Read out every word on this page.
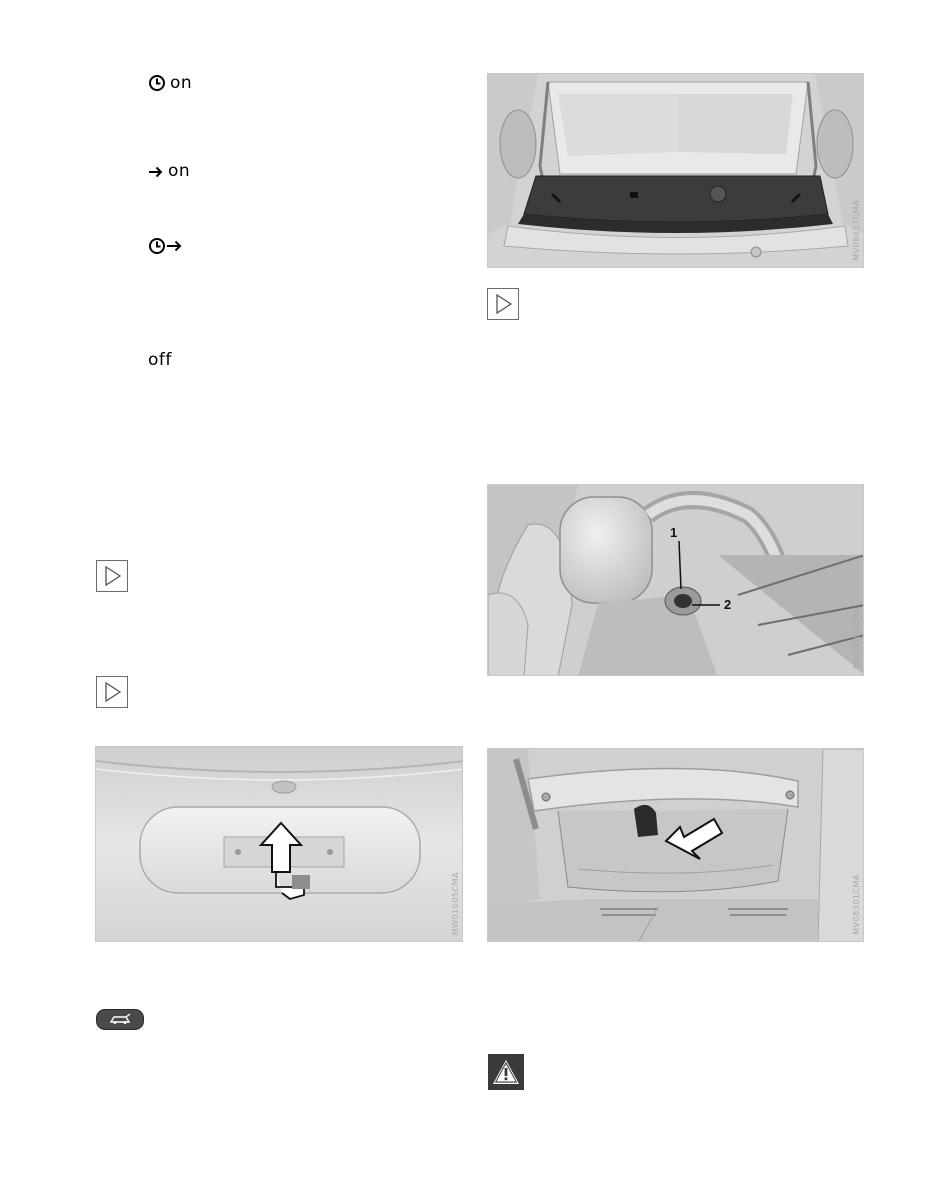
on
on
off
MW01005CMA
MV08437CMA
1
2
MV08302CMA
MV08301CMA
